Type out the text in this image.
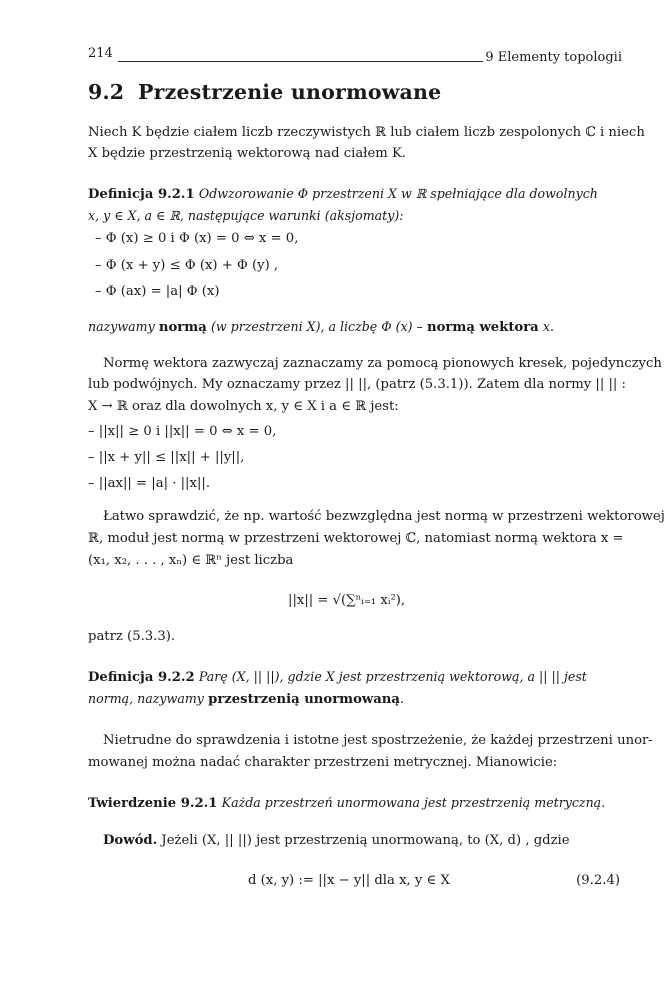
214	9 Elementy topologii
9.2 Przestrzenie unormowane
Niech K będzie ciałem liczb rzeczywistych ℝ lub ciałem liczb zespolonych ℂ i niech
X będzie przestrzenią wektorową nad ciałem K.
Definicja 9.2.1 Odwzorowanie Φ przestrzeni X w ℝ spełniające dla dowolnych
x, y ∈ X, a ∈ ℝ, następujące warunki (aksjomaty):
– Φ (x) ≥ 0 i Φ (x) = 0 ⇔ x = 0,
– Φ (x + y) ≤ Φ (x) + Φ (y) ,
– Φ (ax) = |a| Φ (x)
nazywamy normą (w przestrzeni X), a liczbę Φ (x) – normą wektora x.
Normę wektora zazwyczaj zaznaczamy za pomocą pionowych kresek, pojedynczych
lub podwójnych. My oznaczamy przez || ||, (patrz (5.3.1)). Zatem dla normy || || :
X → ℝ oraz dla dowolnych x, y ∈ X i a ∈ ℝ jest:
– ||x|| ≥ 0 i ||x|| = 0 ⇔ x = 0,
– ||x + y|| ≤ ||x|| + ||y||,
– ||ax|| = |a| · ||x||.
Łatwo sprawdzić, że np. wartość bezwzględna jest normą w przestrzeni wektorowej
ℝ, moduł jest normą w przestrzeni wektorowej ℂ, natomiast normą wektora x =
(x₁, x₂, . . . , xₙ) ∈ ℝⁿ jest liczba
||x|| = √(∑ⁿᵢ₌₁ xᵢ²),
patrz (5.3.3).
Definicja 9.2.2 Parę (X, || ||), gdzie X jest przestrzenią wektorową, a || || jest
normą, nazywamy przestrzenią unormowaną.
Nietrudne do sprawdzenia i istotne jest spostrzeżenie, że każdej przestrzeni unor-
mowanej można nadać charakter przestrzeni metrycznej. Mianowicie:
Twierdzenie 9.2.1 Każda przestrzeń unormowana jest przestrzenią metryczną.
Dowód. Jeżeli (X, || ||) jest przestrzenią unormowaną, to (X, d) , gdzie
d (x, y) := ||x − y|| dla x, y ∈ X	(9.2.4)
